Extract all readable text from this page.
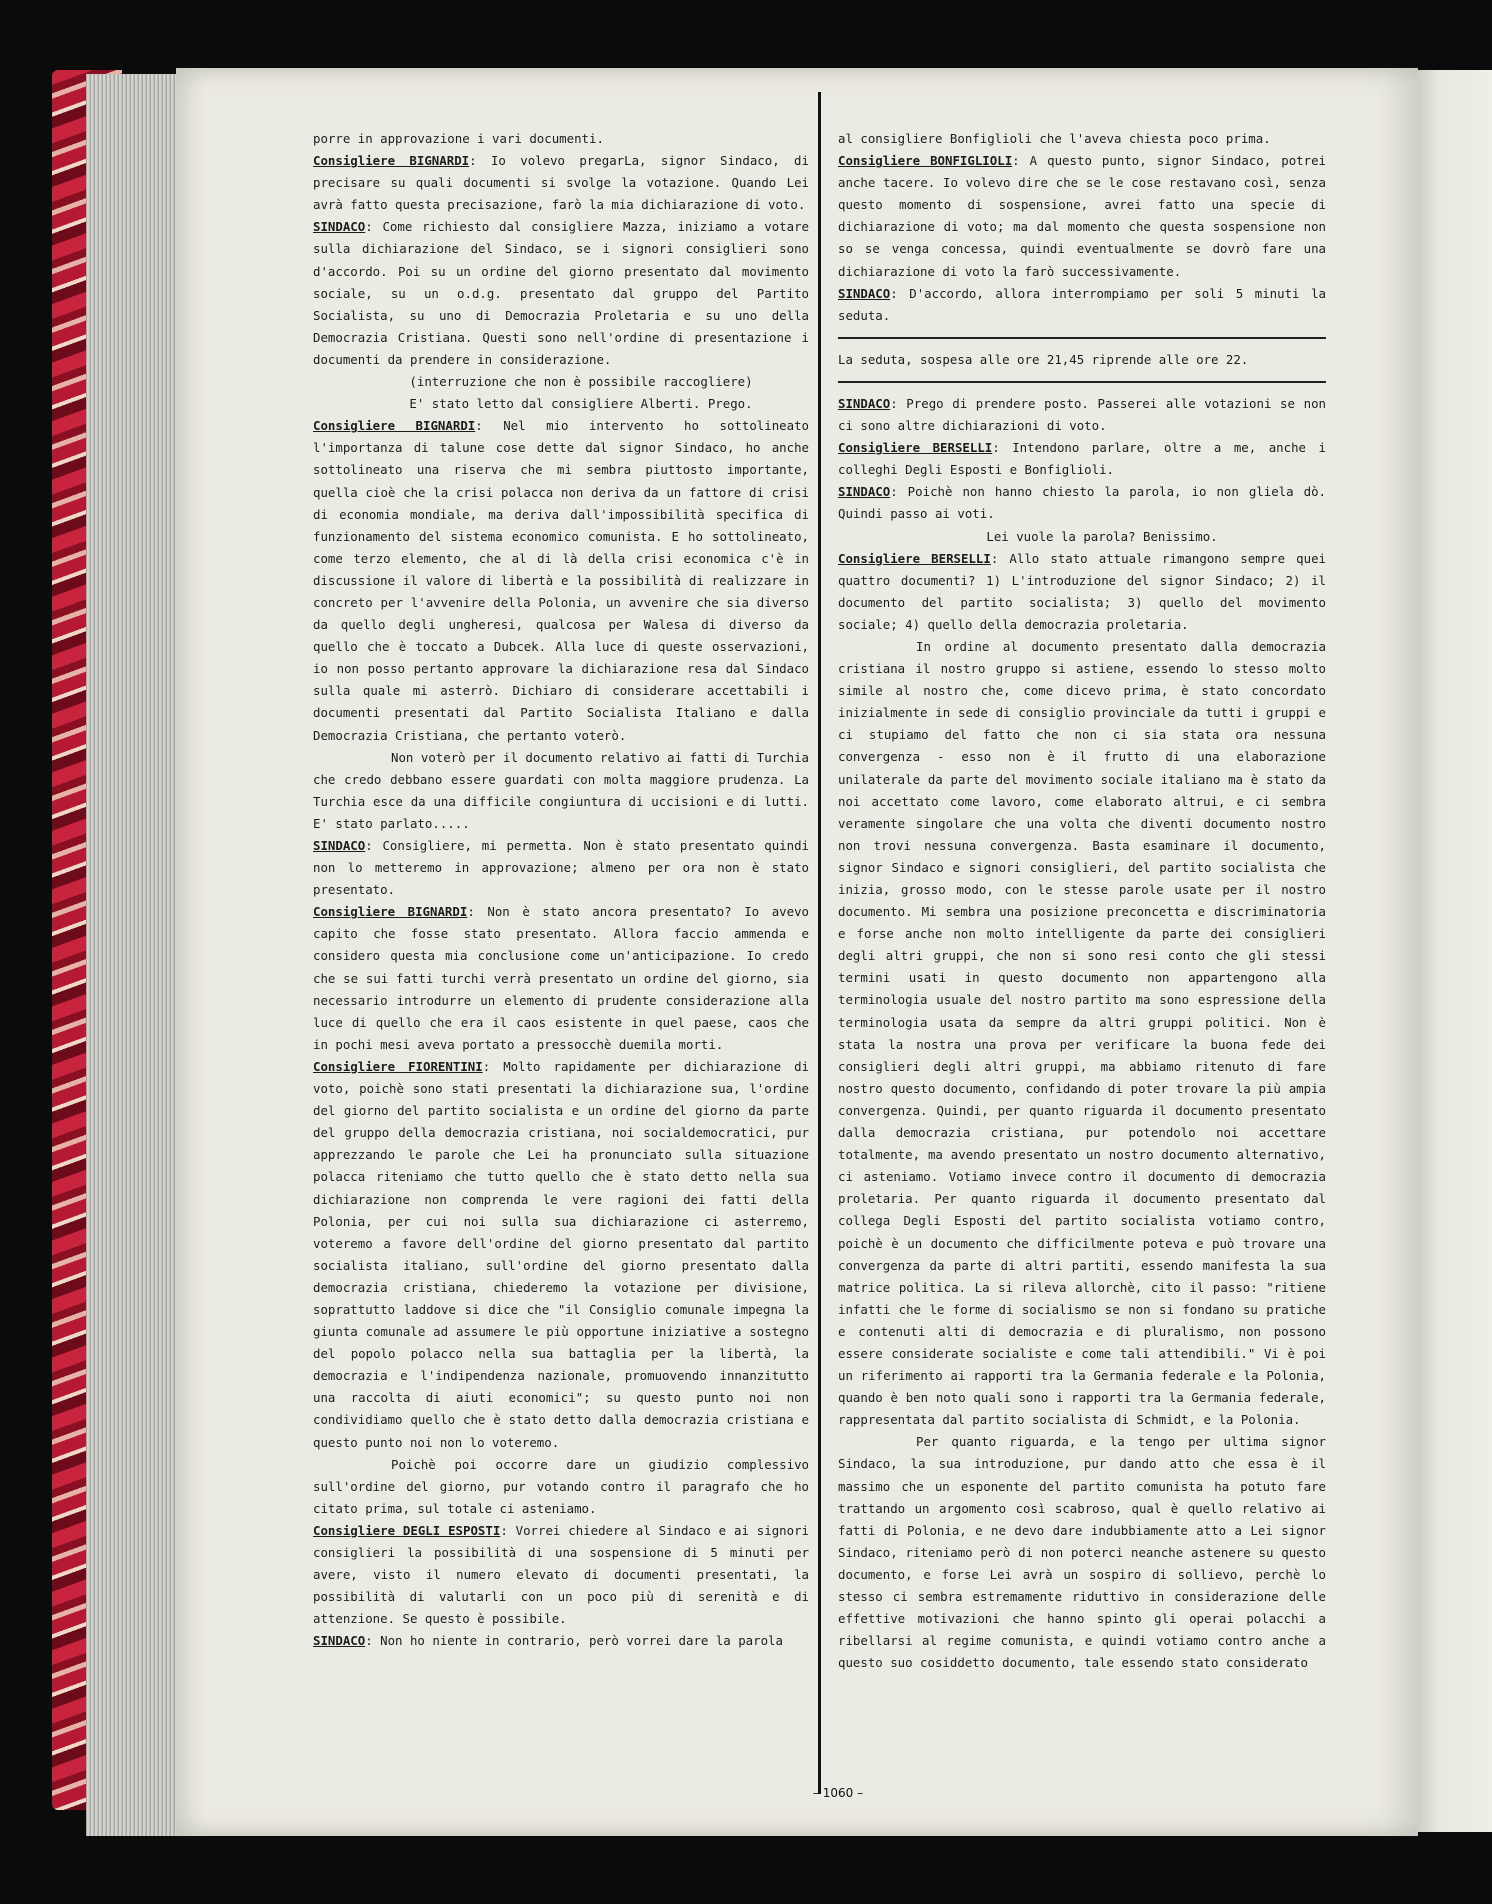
porre in approvazione i vari documenti.

Consigliere BIGNARDI: Io volevo pregarLa, signor Sindaco, di precisare su quali documenti si svolge la votazione. Quando Lei avrà fatto questa precisazione, farò la mia dichiarazione di voto.

SINDACO: Come richiesto dal consigliere Mazza, iniziamo a votare sulla dichiarazione del Sindaco, se i signori consiglieri sono d'accordo. Poi su un ordine del giorno presentato dal movimento sociale, su un o.d.g. presentato dal gruppo del Partito Socialista, su uno di Democrazia Proletaria e su uno della Democrazia Cristiana. Questi sono nell'ordine di presentazione i documenti da prendere in considerazione.

(interruzione che non è possibile raccogliere)

E' stato letto dal consigliere Alberti. Prego.

Consigliere BIGNARDI: Nel mio intervento ho sottolineato l'importanza di talune cose dette dal signor Sindaco, ho anche sottolineato una riserva che mi sembra piuttosto importante, quella cioè che la crisi polacca non deriva da un fattore di crisi di economia mondiale, ma deriva dall'impossibilità specifica di funzionamento del sistema economico comunista. E ho sottolineato, come terzo elemento, che al di là della crisi economica c'è in discussione il valore di libertà e la possibilità di realizzare in concreto per l'avvenire della Polonia, un avvenire che sia diverso da quello degli ungheresi, qualcosa per Walesa di diverso da quello che è toccato a Dubcek. Alla luce di queste osservazioni, io non posso pertanto approvare la dichiarazione resa dal Sindaco sulla quale mi asterrò. Dichiaro di considerare accettabili i documenti presentati dal Partito Socialista Italiano e dalla Democrazia Cristiana, che pertanto voterò.

Non voterò per il documento relativo ai fatti di Turchia che credo debbano essere guardati con molta maggiore prudenza. La Turchia esce da una difficile congiuntura di uccisioni e di lutti. E' stato parlato.....

SINDACO: Consigliere, mi permetta. Non è stato presentato quindi non lo metteremo in approvazione; almeno per ora non è stato presentato.

Consigliere BIGNARDI: Non è stato ancora presentato? Io avevo capito che fosse stato presentato. Allora faccio ammenda e considero questa mia conclusione come un'anticipazione. Io credo che se sui fatti turchi verrà presentato un ordine del giorno, sia necessario introdurre un elemento di prudente considerazione alla luce di quello che era il caos esistente in quel paese, caos che in pochi mesi aveva portato a pressocchè duemila morti.

Consigliere FIORENTINI: Molto rapidamente per dichiarazione di voto, poichè sono stati presentati la dichiarazione sua, l'ordine del giorno del partito socialista e un ordine del giorno da parte del gruppo della democrazia cristiana, noi socialdemocratici, pur apprezzando le parole che Lei ha pronunciato sulla situazione polacca riteniamo che tutto quello che è stato detto nella sua dichiarazione non comprenda le vere ragioni dei fatti della Polonia, per cui noi sulla sua dichiarazione ci asterremo, voteremo a favore dell'ordine del giorno presentato dal partito socialista italiano, sull'ordine del giorno presentato dalla democrazia cristiana, chiederemo la votazione per divisione, soprattutto laddove si dice che "il Consiglio comunale impegna la giunta comunale ad assumere le più opportune iniziative a sostegno del popolo polacco nella sua battaglia per la libertà, la democrazia e l'indipendenza nazionale, promuovendo innanzitutto una raccolta di aiuti economici"; su questo punto noi non condividiamo quello che è stato detto dalla democrazia cristiana e questo punto noi non lo voteremo.

Poichè poi occorre dare un giudizio complessivo sull'ordine del giorno, pur votando contro il paragrafo che ho citato prima, sul totale ci asteniamo.

Consigliere DEGLI ESPOSTI: Vorrei chiedere al Sindaco e ai signori consiglieri la possibilità di una sospensione di 5 minuti per avere, visto il numero elevato di documenti presentati, la possibilità di valutarli con un poco più di serenità e di attenzione. Se questo è possibile.

SINDACO: Non ho niente in contrario, però vorrei dare la parola

al consigliere Bonfiglioli che l'aveva chiesta poco prima.

Consigliere BONFIGLIOLI: A questo punto, signor Sindaco, potrei anche tacere. Io volevo dire che se le cose restavano così, senza questo momento di sospensione, avrei fatto una specie di dichiarazione di voto; ma dal momento che questa sospensione non so se venga concessa, quindi eventualmente se dovrò fare una dichiarazione di voto la farò successivamente.

SINDACO: D'accordo, allora interrompiamo per soli 5 minuti la seduta.

La seduta, sospesa alle ore 21,45 riprende alle ore 22.

SINDACO: Prego di prendere posto. Passerei alle votazioni se non ci sono altre dichiarazioni di voto.

Consigliere BERSELLI: Intendono parlare, oltre a me, anche i colleghi Degli Esposti e Bonfiglioli.

SINDACO: Poichè non hanno chiesto la parola, io non gliela dò. Quindi passo ai voti.

Lei vuole la parola? Benissimo.

Consigliere BERSELLI: Allo stato attuale rimangono sempre quei quattro documenti? 1) L'introduzione del signor Sindaco; 2) il documento del partito socialista; 3) quello del movimento sociale; 4) quello della democrazia proletaria.

In ordine al documento presentato dalla democrazia cristiana il nostro gruppo si astiene, essendo lo stesso molto simile al nostro che, come dicevo prima, è stato concordato inizialmente in sede di consiglio provinciale da tutti i gruppi e ci stupiamo del fatto che non ci sia stata ora nessuna convergenza - esso non è il frutto di una elaborazione unilaterale da parte del movimento sociale italiano ma è stato da noi accettato come lavoro, come elaborato altrui, e ci sembra veramente singolare che una volta che diventi documento nostro non trovi nessuna convergenza. Basta esaminare il documento, signor Sindaco e signori consiglieri, del partito socialista che inizia, grosso modo, con le stesse parole usate per il nostro documento. Mi sembra una posizione preconcetta e discriminatoria e forse anche non molto intelligente da parte dei consiglieri degli altri gruppi, che non si sono resi conto che gli stessi termini usati in questo documento non appartengono alla terminologia usuale del nostro partito ma sono espressione della terminologia usata da sempre da altri gruppi politici. Non è stata la nostra una prova per verificare la buona fede dei consiglieri degli altri gruppi, ma abbiamo ritenuto di fare nostro questo documento, confidando di poter trovare la più ampia convergenza. Quindi, per quanto riguarda il documento presentato dalla democrazia cristiana, pur potendolo noi accettare totalmente, ma avendo presentato un nostro documento alternativo, ci asteniamo. Votiamo invece contro il documento di democrazia proletaria. Per quanto riguarda il documento presentato dal collega Degli Esposti del partito socialista votiamo contro, poichè è un documento che difficilmente poteva e può trovare una convergenza da parte di altri partiti, essendo manifesta la sua matrice politica. La si rileva allorchè, cito il passo: "ritiene infatti che le forme di socialismo se non si fondano su pratiche e contenuti alti di democrazia e di pluralismo, non possono essere considerate socialiste e come tali attendibili." Vi è poi un riferimento ai rapporti tra la Germania federale e la Polonia, quando è ben noto quali sono i rapporti tra la Germania federale, rappresentata dal partito socialista di Schmidt, e la Polonia.

Per quanto riguarda, e la tengo per ultima signor Sindaco, la sua introduzione, pur dando atto che essa è il massimo che un esponente del partito comunista ha potuto fare trattando un argomento così scabroso, qual è quello relativo ai fatti di Polonia, e ne devo dare indubbiamente atto a Lei signor Sindaco, riteniamo però di non poterci neanche astenere su questo documento, e forse Lei avrà un sospiro di sollievo, perchè lo stesso ci sembra estremamente riduttivo in considerazione delle effettive motivazioni che hanno spinto gli operai polacchi a ribellarsi al regime comunista, e quindi votiamo contro anche a questo suo cosiddetto documento, tale essendo stato considerato

– 1060 –
